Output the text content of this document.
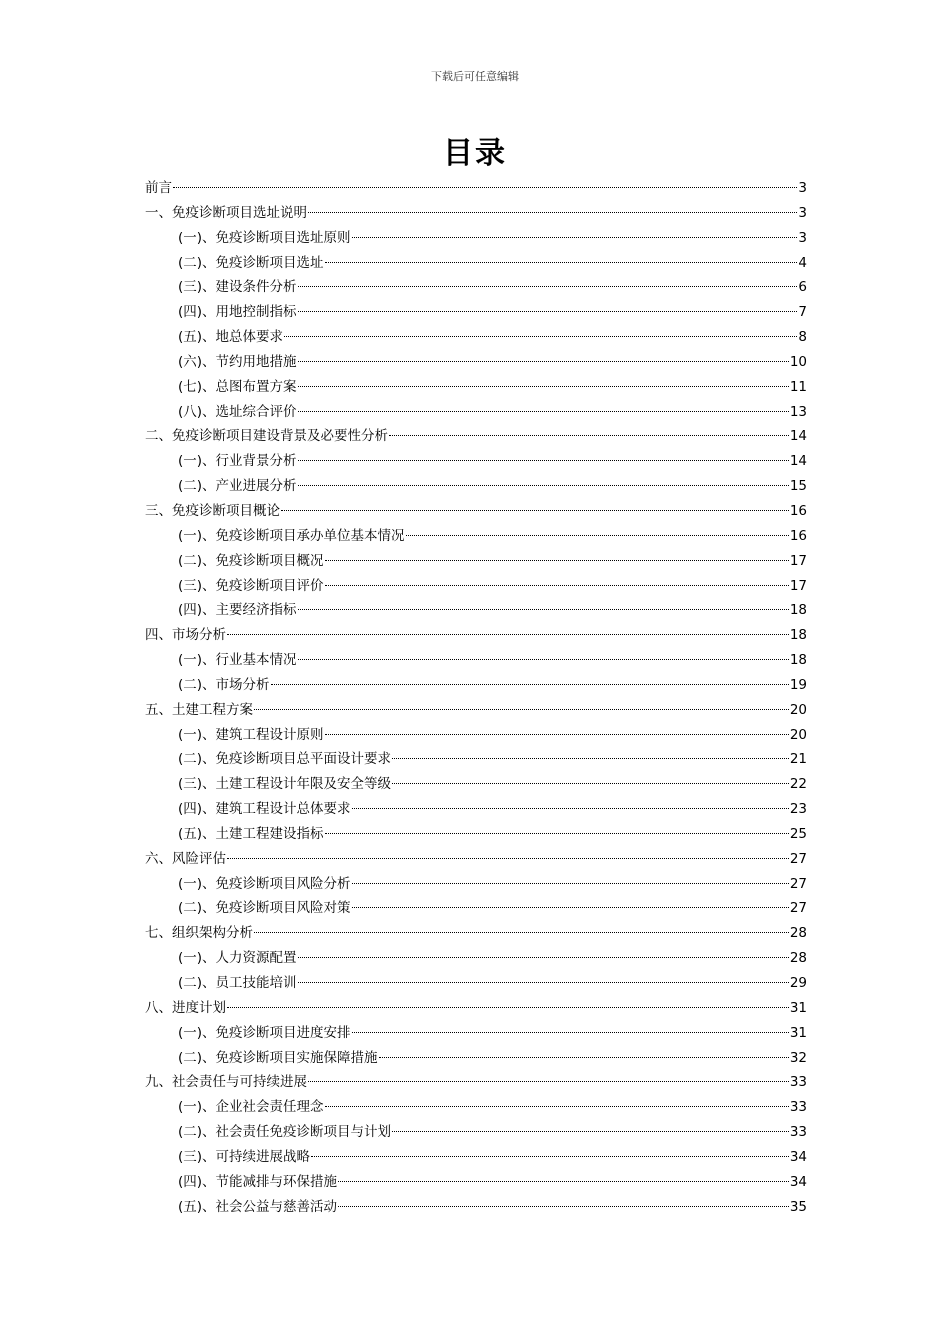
下载后可任意编辑
目录
前言	3
一、免疫诊断项目选址说明	3
(一)、免疫诊断项目选址原则	3
(二)、免疫诊断项目选址	4
(三)、建设条件分析	6
(四)、用地控制指标	7
(五)、地总体要求	8
(六)、节约用地措施	10
(七)、总图布置方案	11
(八)、选址综合评价	13
二、免疫诊断项目建设背景及必要性分析	14
(一)、行业背景分析	14
(二)、产业进展分析	15
三、免疫诊断项目概论	16
(一)、免疫诊断项目承办单位基本情况	16
(二)、免疫诊断项目概况	17
(三)、免疫诊断项目评价	17
(四)、主要经济指标	18
四、市场分析	18
(一)、行业基本情况	18
(二)、市场分析	19
五、土建工程方案	20
(一)、建筑工程设计原则	20
(二)、免疫诊断项目总平面设计要求	21
(三)、土建工程设计年限及安全等级	22
(四)、建筑工程设计总体要求	23
(五)、土建工程建设指标	25
六、风险评估	27
(一)、免疫诊断项目风险分析	27
(二)、免疫诊断项目风险对策	27
七、组织架构分析	28
(一)、人力资源配置	28
(二)、员工技能培训	29
八、进度计划	31
(一)、免疫诊断项目进度安排	31
(二)、免疫诊断项目实施保障措施	32
九、社会责任与可持续进展	33
(一)、企业社会责任理念	33
(二)、社会责任免疫诊断项目与计划	33
(三)、可持续进展战略	34
(四)、节能减排与环保措施	34
(五)、社会公益与慈善活动	35
